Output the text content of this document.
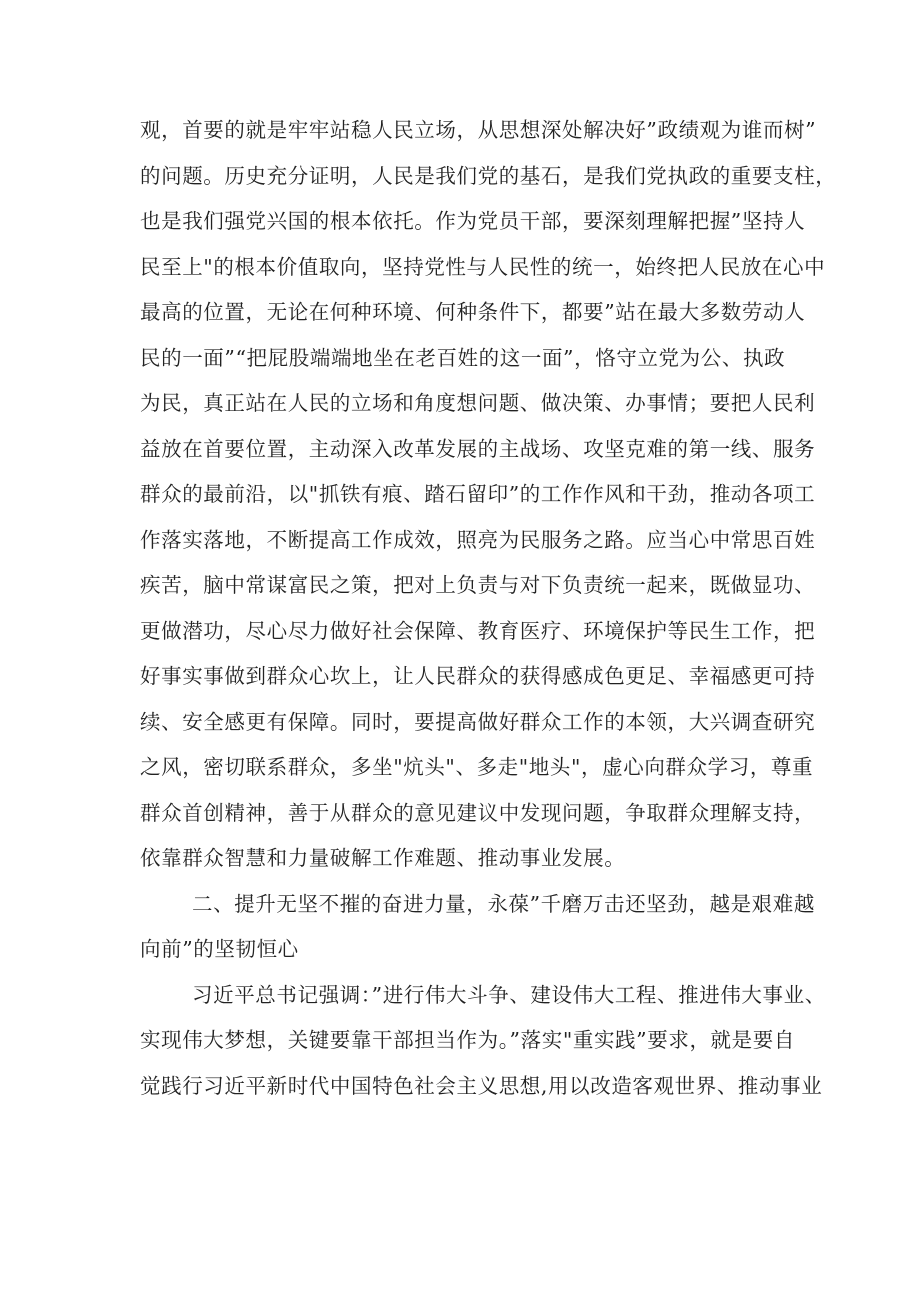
观，首要的就是牢牢站稳人民立场，从思想深处解决好”政绩观为谁而树”
的问题。历史充分证明，人民是我们党的基石，是我们党执政的重要支柱，
也是我们强党兴国的根本依托。作为党员干部，要深刻理解把握”坚持人
民至上"的根本价值取向，坚持党性与人民性的统一，始终把人民放在心中
最高的位置，无论在何种环境、何种条件下，都要”站在最大多数劳动人
民的一面”“把屁股端端地坐在老百姓的这一面”，恪守立党为公、执政
为民，真正站在人民的立场和角度想问题、做决策、办事情；要把人民利
益放在首要位置，主动深入改革发展的主战场、攻坚克难的第一线、服务
群众的最前沿，以"抓铁有痕、踏石留印”的工作作风和干劲，推动各项工
作落实落地，不断提高工作成效，照亮为民服务之路。应当心中常思百姓
疾苦，脑中常谋富民之策，把对上负责与对下负责统一起来，既做显功、
更做潜功，尽心尽力做好社会保障、教育医疗、环境保护等民生工作，把
好事实事做到群众心坎上，让人民群众的获得感成色更足、幸福感更可持
续、安全感更有保障。同时，要提高做好群众工作的本领，大兴调查研究
之风，密切联系群众，多坐"炕头"、多走"地头"，虚心向群众学习，尊重
群众首创精神，善于从群众的意见建议中发现问题，争取群众理解支持，
依靠群众智慧和力量破解工作难题、推动事业发展。
二、提升无坚不摧的奋进力量，永葆”千磨万击还坚劲，越是艰难越
向前”的坚韧恒心
习近平总书记强调：”进行伟大斗争、建设伟大工程、推进伟大事业、
实现伟大梦想，关键要靠干部担当作为。”落实"重实践”要求，就是要自
觉践行习近平新时代中国特色社会主义思想,用以改造客观世界、推动事业
